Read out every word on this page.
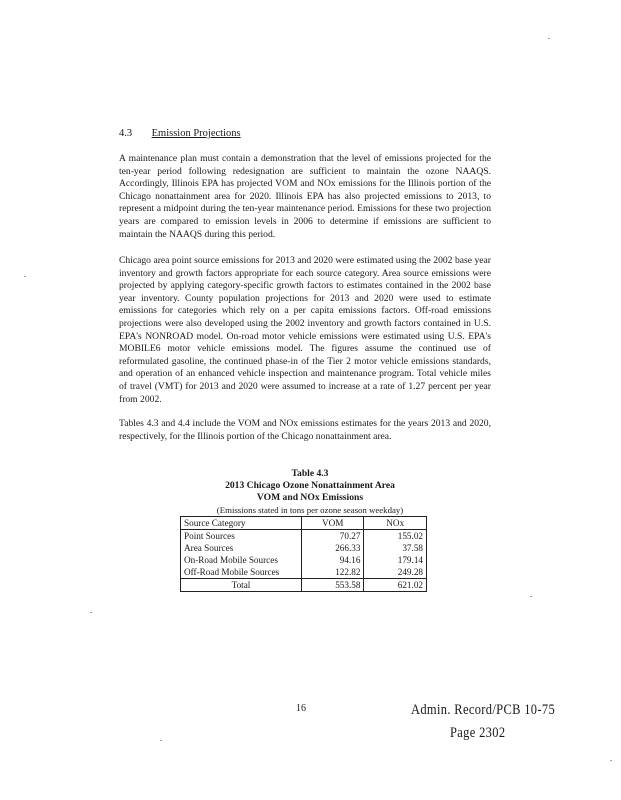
4.3 Emission Projections
A maintenance plan must contain a demonstration that the level of emissions projected for the ten-year period following redesignation are sufficient to maintain the ozone NAAQS. Accordingly, Illinois EPA has projected VOM and NOx emissions for the Illinois portion of the Chicago nonattainment area for 2020. Illinois EPA has also projected emissions to 2013, to represent a midpoint during the ten-year maintenance period. Emissions for these two projection years are compared to emission levels in 2006 to determine if emissions are sufficient to maintain the NAAQS during this period.
Chicago area point source emissions for 2013 and 2020 were estimated using the 2002 base year inventory and growth factors appropriate for each source category. Area source emissions were projected by applying category-specific growth factors to estimates contained in the 2002 base year inventory. County population projections for 2013 and 2020 were used to estimate emissions for categories which rely on a per capita emissions factors. Off-road emissions projections were also developed using the 2002 inventory and growth factors contained in U.S. EPA's NONROAD model. On-road motor vehicle emissions were estimated using U.S. EPA's MOBILE6 motor vehicle emissions model. The figures assume the continued use of reformulated gasoline, the continued phase-in of the Tier 2 motor vehicle emissions standards, and operation of an enhanced vehicle inspection and maintenance program. Total vehicle miles of travel (VMT) for 2013 and 2020 were assumed to increase at a rate of 1.27 percent per year from 2002.
Tables 4.3 and 4.4 include the VOM and NOx emissions estimates for the years 2013 and 2020, respectively, for the Illinois portion of the Chicago nonattainment area.
Table 4.3
2013 Chicago Ozone Nonattainment Area
VOM and NOx Emissions
(Emissions stated in tons per ozone season weekday)
Source Category	VOM	NOx
Point Sources	70.27	155.02
Area Sources	266.33	37.58
On-Road Mobile Sources	94.16	179.14
Off-Road Mobile Sources	122.82	249.28
Total	553.58	621.02
16	Admin. Record/PCB 10-75
Page 2302
